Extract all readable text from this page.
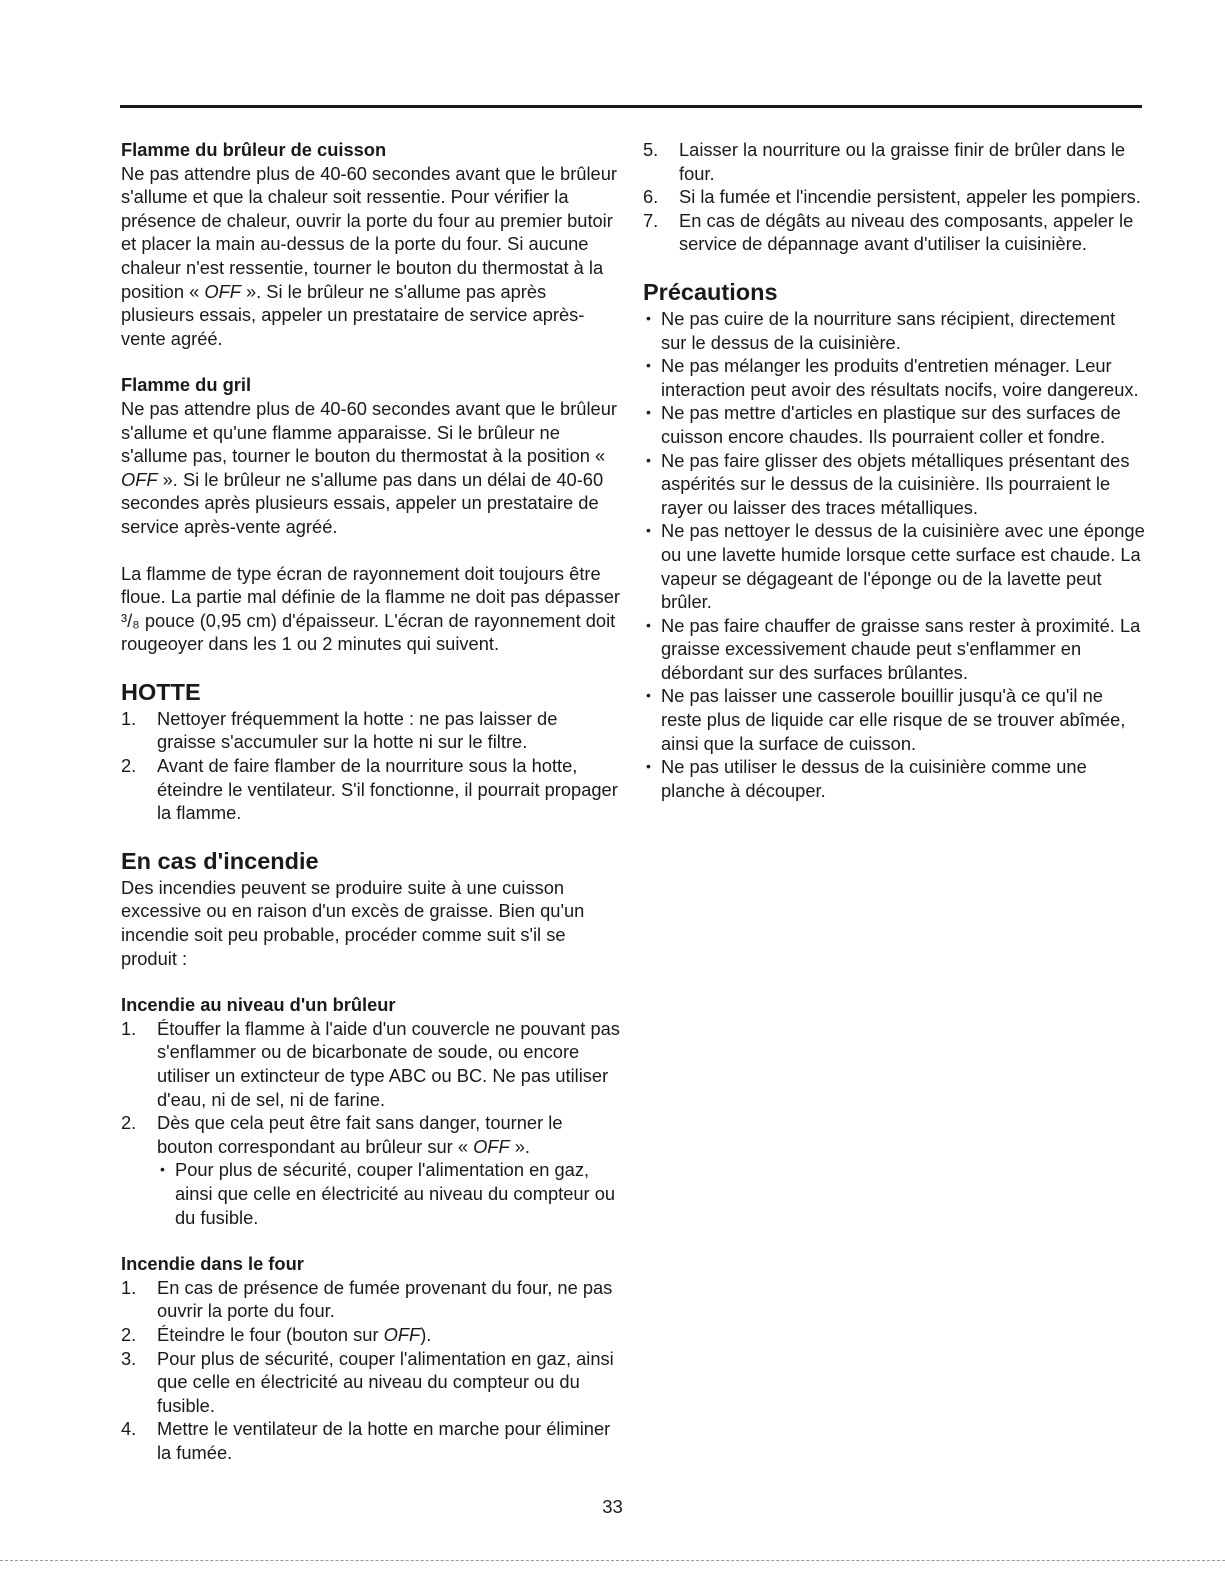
Flamme du brûleur de cuisson

Ne pas attendre plus de 40-60 secondes avant que le brûleur s'allume et que la chaleur soit ressentie. Pour vérifier la présence de chaleur, ouvrir la porte du four au premier butoir et placer la main au-dessus de la porte du four. Si aucune chaleur n'est ressentie, tourner le bouton du thermostat à la position « OFF ». Si le brûleur ne s'allume pas après plusieurs essais, appeler un prestataire de service après-vente agréé.

Flamme du gril

Ne pas attendre plus de 40-60 secondes avant que le brûleur s'allume et qu'une flamme apparaisse. Si le brûleur ne s'allume pas, tourner le bouton du thermostat à la position « OFF ». Si le brûleur ne s'allume pas dans un délai de 40-60 secondes après plusieurs essais, appeler un prestataire de service après-vente agréé.

La flamme de type écran de rayonnement doit toujours être floue. La partie mal définie de la flamme ne doit pas dépasser ³/₈ pouce (0,95 cm) d'épaisseur. L'écran de rayonnement doit rougeoyer dans les 1 ou 2 minutes qui suivent.

HOTTE

1. Nettoyer fréquemment la hotte : ne pas laisser de graisse s'accumuler sur la hotte ni sur le filtre.
2. Avant de faire flamber de la nourriture sous la hotte, éteindre le ventilateur. S'il fonctionne, il pourrait propager la flamme.

En cas d'incendie

Des incendies peuvent se produire suite à une cuisson excessive ou en raison d'un excès de graisse. Bien qu'un incendie soit peu probable, procéder comme suit s'il se produit :

Incendie au niveau d'un brûleur

1. Étouffer la flamme à l'aide d'un couvercle ne pouvant pas s'enflammer ou de bicarbonate de soude, ou encore utiliser un extincteur de type ABC ou BC. Ne pas utiliser d'eau, ni de sel, ni de farine.
2. Dès que cela peut être fait sans danger, tourner le bouton correspondant au brûleur sur « OFF ».
• Pour plus de sécurité, couper l'alimentation en gaz, ainsi que celle en électricité au niveau du compteur ou du fusible.

Incendie dans le four

1. En cas de présence de fumée provenant du four, ne pas ouvrir la porte du four.
2. Éteindre le four (bouton sur OFF).
3. Pour plus de sécurité, couper l'alimentation en gaz, ainsi que celle en électricité au niveau du compteur ou du fusible.
4. Mettre le ventilateur de la hotte en marche pour éliminer la fumée.
5. Laisser la nourriture ou la graisse finir de brûler dans le four.
6. Si la fumée et l'incendie persistent, appeler les pompiers.
7. En cas de dégâts au niveau des composants, appeler le service de dépannage avant d'utiliser la cuisinière.

Précautions

• Ne pas cuire de la nourriture sans récipient, directement sur le dessus de la cuisinière.
• Ne pas mélanger les produits d'entretien ménager. Leur interaction peut avoir des résultats nocifs, voire dangereux.
• Ne pas mettre d'articles en plastique sur des surfaces de cuisson encore chaudes. Ils pourraient coller et fondre.
• Ne pas faire glisser des objets métalliques présentant des aspérités sur le dessus de la cuisinière. Ils pourraient le rayer ou laisser des traces métalliques.
• Ne pas nettoyer le dessus de la cuisinière avec une éponge ou une lavette humide lorsque cette surface est chaude. La vapeur se dégageant de l'éponge ou de la lavette peut brûler.
• Ne pas faire chauffer de graisse sans rester à proximité. La graisse excessivement chaude peut s'enflammer en débordant sur des surfaces brûlantes.
• Ne pas laisser une casserole bouillir jusqu'à ce qu'il ne reste plus de liquide car elle risque de se trouver abîmée, ainsi que la surface de cuisson.
• Ne pas utiliser le dessus de la cuisinière comme une planche à découper.
33
